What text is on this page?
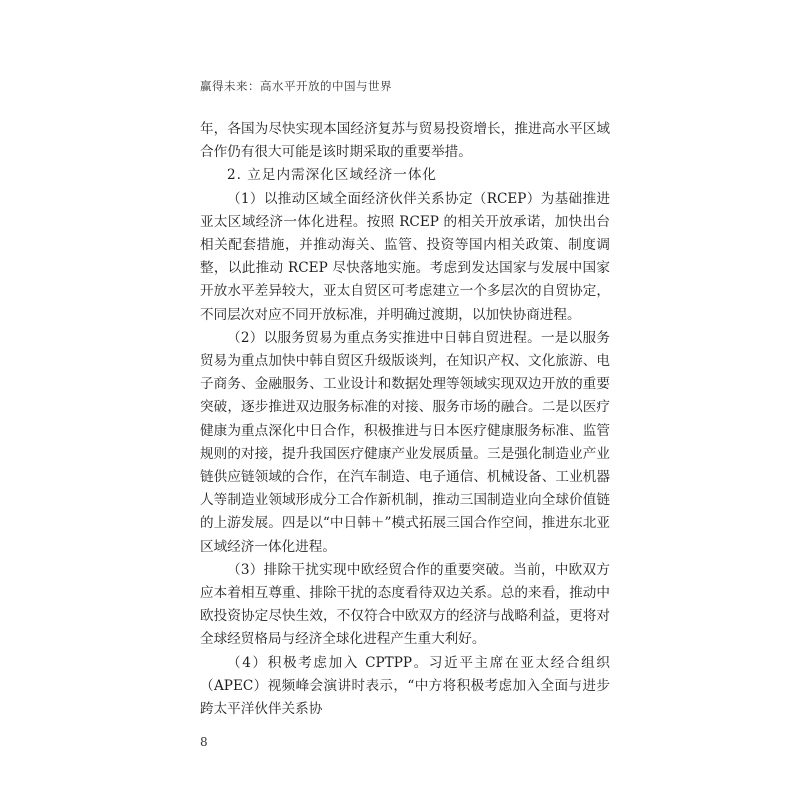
赢得未来：高水平开放的中国与世界

年，各国为尽快实现本国经济复苏与贸易投资增长，推进高水平区域合作仍有很大可能是该时期采取的重要举措。

2. 立足内需深化区域经济一体化

（1）以推动区域全面经济伙伴关系协定（RCEP）为基础推进亚太区域经济一体化进程。按照 RCEP 的相关开放承诺，加快出台相关配套措施，并推动海关、监管、投资等国内相关政策、制度调整，以此推动 RCEP 尽快落地实施。考虑到发达国家与发展中国家开放水平差异较大，亚太自贸区可考虑建立一个多层次的自贸协定，不同层次对应不同开放标准，并明确过渡期，以加快协商进程。

（2）以服务贸易为重点务实推进中日韩自贸进程。一是以服务贸易为重点加快中韩自贸区升级版谈判，在知识产权、文化旅游、电子商务、金融服务、工业设计和数据处理等领域实现双边开放的重要突破，逐步推进双边服务标准的对接、服务市场的融合。二是以医疗健康为重点深化中日合作，积极推进与日本医疗健康服务标准、监管规则的对接，提升我国医疗健康产业发展质量。三是强化制造业产业链供应链领域的合作，在汽车制造、电子通信、机械设备、工业机器人等制造业领域形成分工合作新机制，推动三国制造业向全球价值链的上游发展。四是以“中日韩＋”模式拓展三国合作空间，推进东北亚区域经济一体化进程。

（3）排除干扰实现中欧经贸合作的重要突破。当前，中欧双方应本着相互尊重、排除干扰的态度看待双边关系。总的来看，推动中欧投资协定尽快生效，不仅符合中欧双方的经济与战略利益，更将对全球经贸格局与经济全球化进程产生重大利好。

（4）积极考虑加入 CPTPP。习近平主席在亚太经合组织（APEC）视频峰会演讲时表示，“中方将积极考虑加入全面与进步跨太平洋伙伴关系协

8
